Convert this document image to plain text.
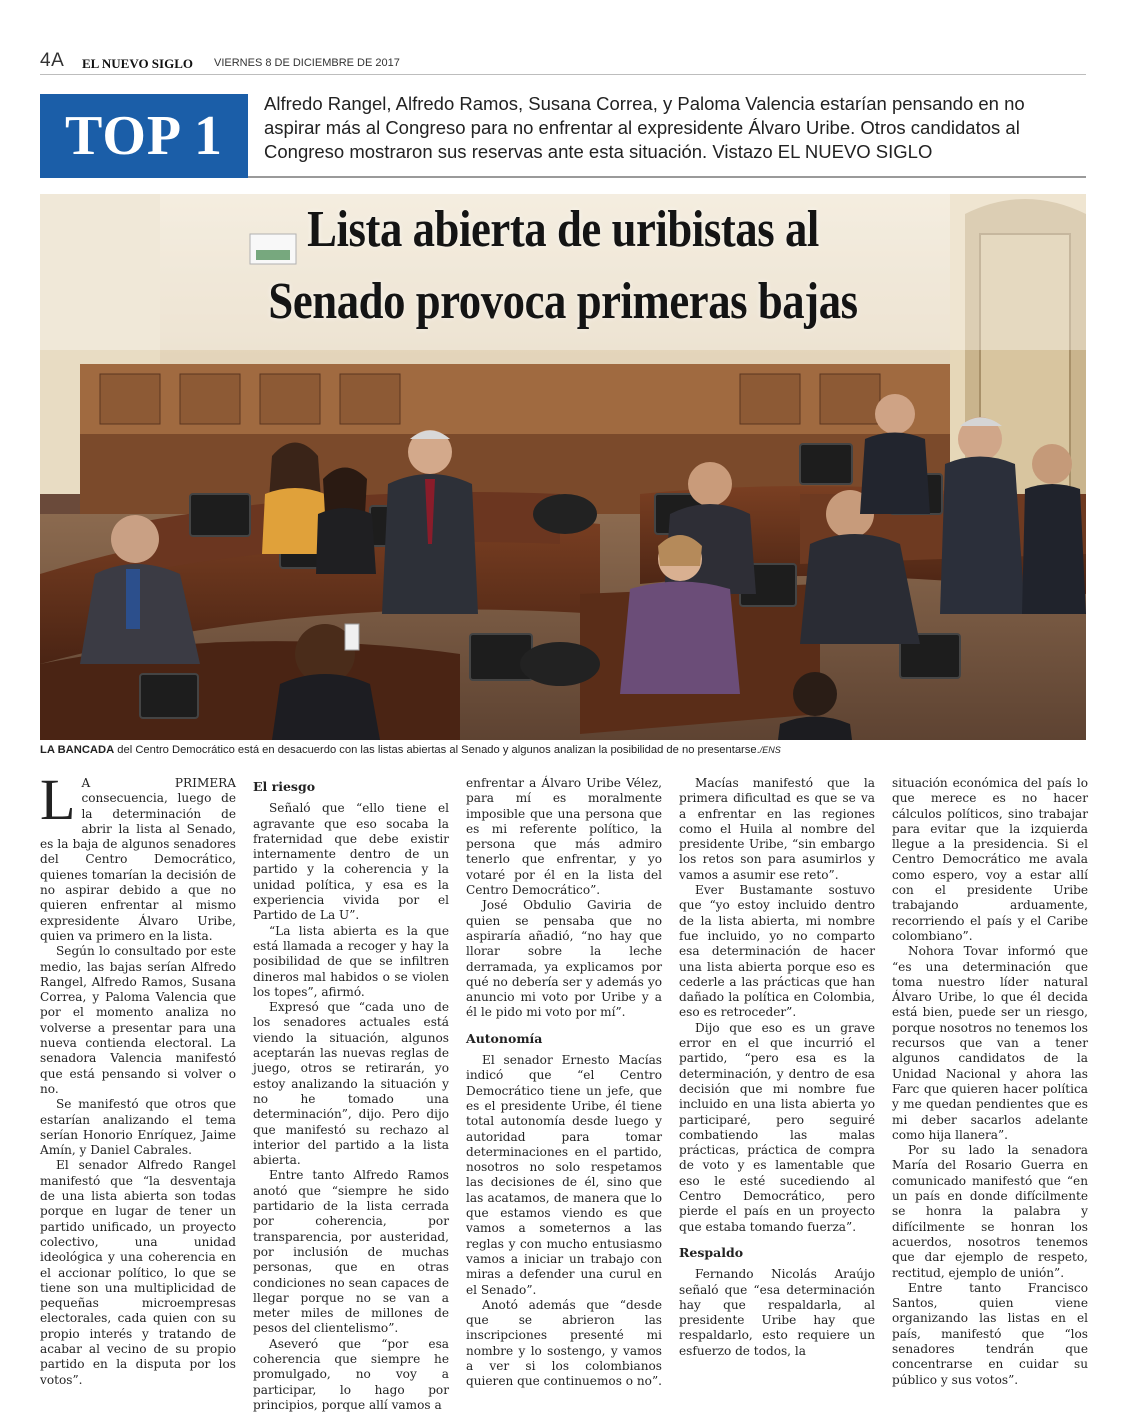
4A EL NUEVO SIGLO VIERNES 8 DE DICIEMBRE DE 2017
TOP 1
Alfredo Rangel, Alfredo Ramos, Susana Correa, y Paloma Valencia estarían pensando en no aspirar más al Congreso para no enfrentar al expresidente Álvaro Uribe. Otros candidatos al Congreso mostraron sus reservas ante esta situación. Vistazo EL NUEVO SIGLO
Lista abierta de uribistas al
Senado provoca primeras bajas
LA BANCADA del Centro Democrático está en desacuerdo con las listas abiertas al Senado y algunos analizan la posibilidad de no presentarse./ENS

L A PRIMERA consecuencia, luego de la determinación de abrir la lista al Senado, es la baja de algunos senadores del Centro Democrático, quienes tomarían la decisión de no aspirar debido a que no quieren enfrentar al mismo expresidente Álvaro Uribe, quien va primero en la lista.

Según lo consultado por este medio, las bajas serían Alfredo Rangel, Alfredo Ramos, Susana Correa, y Paloma Valencia que por el momento analiza no volverse a presentar para una nueva contienda electoral. La senadora Valencia manifestó que está pensando si volver o no.

Se manifestó que otros que estarían analizando el tema serían Honorio Enríquez, Jaime Amín, y Daniel Cabrales.

El senador Alfredo Rangel manifestó que “la desventaja de una lista abierta son todas porque en lugar de tener un partido unificado, un proyecto colectivo, una unidad ideológica y una coherencia en el accionar político, lo que se tiene son una multiplicidad de pequeñas microempresas electorales, cada quien con su propio interés y tratando de acabar al vecino de su propio partido en la disputa por los votos”.

El riesgo

Señaló que “ello tiene el agravante que eso socaba la fraternidad que debe existir internamente dentro de un partido y la coherencia y la unidad política, y esa es la experiencia vivida por el Partido de La U”.

“La lista abierta es la que está llamada a recoger y hay la posibilidad de que se infiltren dineros mal habidos o se violen los topes”, afirmó.

Expresó que “cada uno de los senadores actuales está viendo la situación, algunos aceptarán las nuevas reglas de juego, otros se retirarán, yo estoy analizando la situación y no he tomado una determinación”, dijo. Pero dijo que manifestó su rechazo al interior del partido a la lista abierta.

Entre tanto Alfredo Ramos anotó que “siempre he sido partidario de la lista cerrada por coherencia, por transparencia, por austeridad, por inclusión de muchas personas, que en otras condiciones no sean capaces de llegar porque no se van a meter miles de millones de pesos del clientelismo”.

Aseveró que “por esa coherencia que siempre he promulgado, no voy a participar, lo hago por principios, porque allí vamos a

enfrentar a Álvaro Uribe Vélez, para mí es moralmente imposible que una persona que es mi referente político, la persona que más admiro tenerlo que enfrentar, y yo votaré por él en la lista del Centro Democrático”.

José Obdulio Gaviria de quien se pensaba que no aspiraría añadió, “no hay que llorar sobre la leche derramada, ya explicamos por qué no debería ser y además yo anuncio mi voto por Uribe y a él le pido mi voto por mí”.

Autonomía

El senador Ernesto Macías indicó que “el Centro Democrático tiene un jefe, que es el presidente Uribe, él tiene total autonomía desde luego y autoridad para tomar determinaciones en el partido, nosotros no solo respetamos las decisiones de él, sino que las acatamos, de manera que lo que estamos viendo es que vamos a someternos a las reglas y con mucho entusiasmo vamos a iniciar un trabajo con miras a defender una curul en el Senado”.

Anotó además que “desde que se abrieron las inscripciones presenté mi nombre y lo sostengo, y vamos a ver si los colombianos quieren que continuemos o no”.

Macías manifestó que la primera dificultad es que se va a enfrentar en las regiones como el Huila al nombre del presidente Uribe, “sin embargo los retos son para asumirlos y vamos a asumir ese reto”.

Ever Bustamante sostuvo que “yo estoy incluido dentro de la lista abierta, mi nombre fue incluido, yo no comparto esa determinación de hacer una lista abierta porque eso es cederle a las prácticas que han dañado la política en Colombia, eso es retroceder”.

Dijo que eso es un grave error en el que incurrió el partido, “pero esa es la determinación, y dentro de esa decisión que mi nombre fue incluido en una lista abierta yo participaré, pero seguiré combatiendo las malas prácticas, práctica de compra de voto y es lamentable que eso le esté sucediendo al Centro Democrático, pero pierde el país en un proyecto que estaba tomando fuerza”.

Respaldo

Fernando Nicolás Araújo señaló que “esa determinación hay que respaldarla, al presidente Uribe hay que respaldarlo, esto requiere un esfuerzo de todos, la

situación económica del país lo que merece es no hacer cálculos políticos, sino trabajar para evitar que la izquierda llegue a la presidencia. Si el Centro Democrático me avala como espero, voy a estar allí con el presidente Uribe trabajando arduamente, recorriendo el país y el Caribe colombiano”.

Nohora Tovar informó que “es una determinación que toma nuestro líder natural Álvaro Uribe, lo que él decida está bien, puede ser un riesgo, porque nosotros no tenemos los recursos que van a tener algunos candidatos de la Unidad Nacional y ahora las Farc que quieren hacer política y me quedan pendientes que es mi deber sacarlos adelante como hija llanera”.

Por su lado la senadora María del Rosario Guerra en comunicado manifestó que “en un país en donde difícilmente se honra la palabra y difícilmente se honran los acuerdos, nosotros tenemos que dar ejemplo de respeto, rectitud, ejemplo de unión”.

Entre tanto Francisco Santos, quien viene organizando las listas en el país, manifestó que “los senadores tendrán que concentrarse en cuidar su público y sus votos”.
